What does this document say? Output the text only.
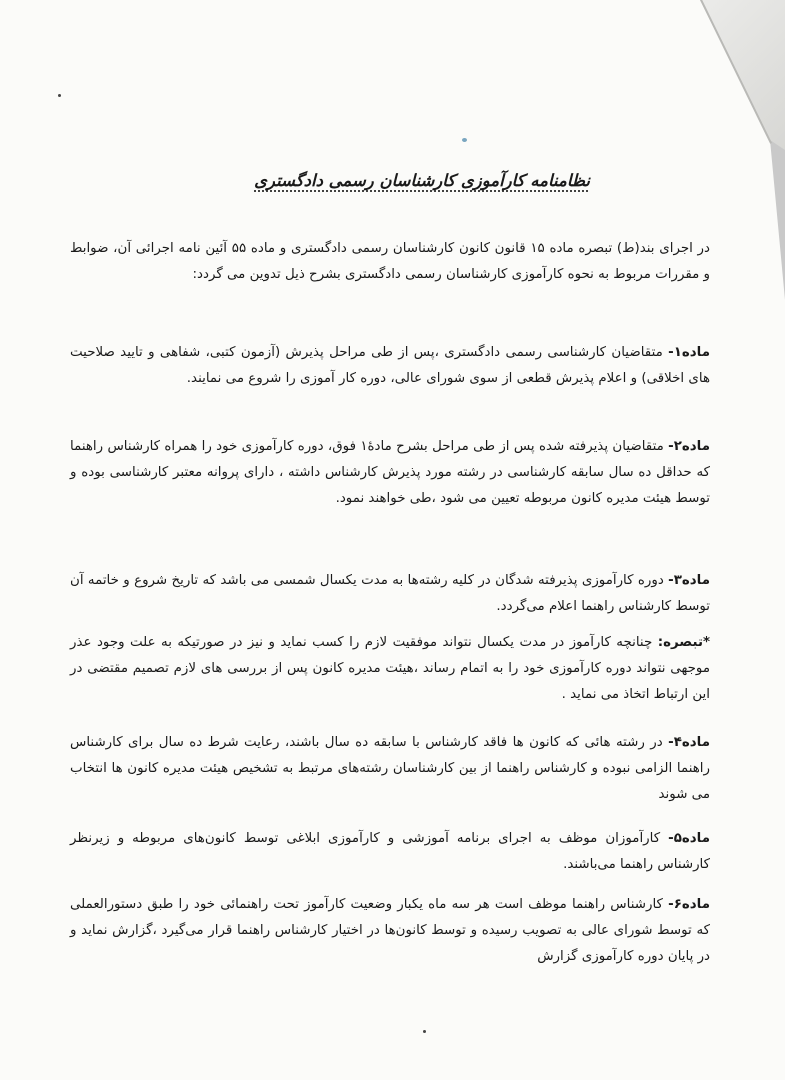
نظامنامه کارآموزی کارشناسان رسمی دادگستری

در اجرای بند(ط) تبصره ماده ۱۵ قانون کانون کارشناسان رسمی دادگستری و ماده ۵۵ آئین نامه اجرائی آن، ضوابط و مقررات مربوط به نحوه کارآموزی کارشناسان رسمی دادگستری بشرح ذیل تدوین می گردد:

ماده۱- متقاضیان کارشناسی رسمی دادگستری ،پس از طی مراحل پذیرش (آزمون کتبی، شفاهی و تایید صلاحیت های اخلاقی) و اعلام پذیرش قطعی از سوی شورای عالی، دوره کار آموزی را شروع می نمایند.

ماده۲- متقاضیان پذیرفته شده پس از طی مراحل بشرح مادهٔ۱ فوق، دوره کارآموزی خود را همراه کارشناس راهنما که حداقل ده سال سابقه کارشناسی در رشته مورد پذیرش کارشناس داشته ، دارای پروانه معتبر کارشناسی بوده و توسط هیئت مدیره کانون مربوطه تعیین می شود ،طی خواهند نمود.

ماده۳- دوره کارآموزی پذیرفته شدگان در کلیه رشته‌ها به مدت یکسال شمسی می باشد که تاریخ شروع و خاتمه آن توسط کارشناس راهنما اعلام می‌گردد.

*تبصره: چنانچه کارآموز در مدت یکسال نتواند موفقیت لازم را کسب نماید و نیز در صورتیکه به علت وجود عذر موجهی نتواند دوره کارآموزی خود را به اتمام رساند ،هیئت مدیره کانون پس از بررسی های لازم تصمیم مقتضی در این ارتباط اتخاذ می نماید .

ماده۴- در رشته هائی که کانون ها فاقد کارشناس با سابقه ده سال باشند، رعایت شرط ده سال برای کارشناس راهنما الزامی نبوده و کارشناس راهنما از بین کارشناسان رشته‌های مرتبط به تشخیص هیئت مدیره کانون ها انتخاب می شوند

ماده۵- کارآموزان موظف به اجرای برنامه آموزشی و کارآموزی ابلاغی توسط کانون‌های مربوطه و زیرنظر کارشناس راهنما می‌باشند.

ماده۶- کارشناس راهنما موظف است هر سه ماه یکبار وضعیت کارآموز تحت راهنمائی خود را طبق دستورالعملی که توسط شورای عالی به تصویب رسیده و توسط کانون‌ها در اختیار کارشناس راهنما قرار می‌گیرد ،گزارش نماید و در پایان دوره کارآموزی گزارش
